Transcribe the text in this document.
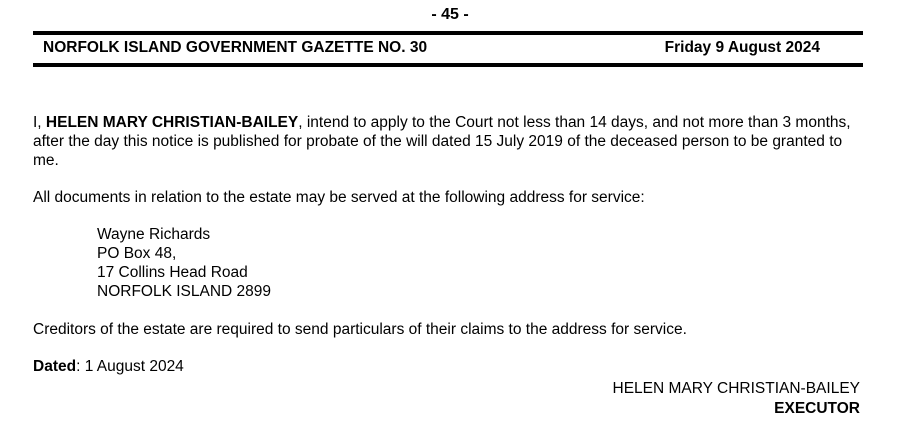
- 45 -
NORFOLK ISLAND GOVERNMENT GAZETTE NO. 30	Friday 9 August 2024

I, HELEN MARY CHRISTIAN-BAILEY, intend to apply to the Court not less than 14 days, and not more than 3 months, after the day this notice is published for probate of the will dated 15 July 2019 of the deceased person to be granted to me.

All documents in relation to the estate may be served at the following address for service:

Wayne Richards
PO Box 48,
17 Collins Head Road
NORFOLK ISLAND 2899

Creditors of the estate are required to send particulars of their claims to the address for service.

Dated: 1 August 2024

HELEN MARY CHRISTIAN-BAILEY
EXECUTOR
